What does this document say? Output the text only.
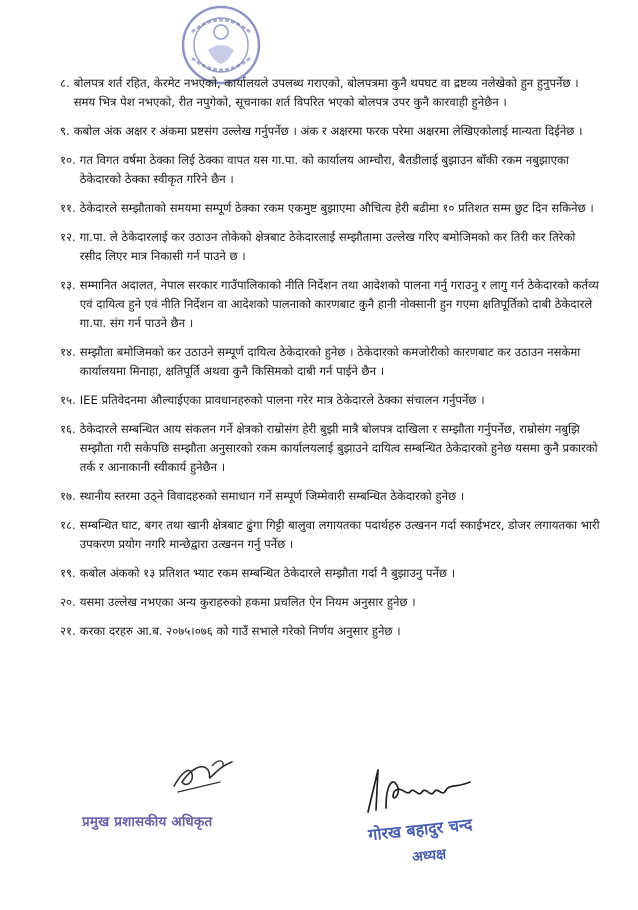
८. बोलपत्र शर्त रहित, केरमेट नभएको, कार्यालयले उपलब्ध गराएको, बोलपत्रमा कुनै थपघट वा द्रष्टव्य नलेखेको हुन हुनुपर्नेछ । समय भित्र पेश नभएको, रीत नपुगेको, सूचनाका शर्त विपरित भएको बोलपत्र उपर कुनै कारवाही हुनेछैन ।
९. कबोल अंक अक्षर र अंकमा प्रष्टसंग उल्लेख गर्नुपर्नेछ । अंक र अक्षरमा फरक परेमा अक्षरमा लेखिएकोलाई मान्यता दिईनेछ ।
१०. गत विगत वर्षमा ठेक्का लिई ठेक्का वापत यस गा.पा. को कार्यालय आम्चौरा, बैतडीलाई बुझाउन बाँकी रकम नबुझाएका ठेकेदारको ठेक्का स्वीकृत गरिने छैन ।
११. ठेकेदारले सम्झौताको समयमा सम्पूर्ण ठेक्का रकम एकमुष्ट बुझाएमा औचित्य हेरी बढीमा १० प्रतिशत सम्म छुट दिन सकिनेछ ।
१२. गा.पा. ले ठेकेदारलाई कर उठाउन तोकेको क्षेत्रबाट ठेकेदारलाई सम्झौतामा उल्लेख गरिए बमोजिमको कर तिरी कर तिरेको रसीद लिएर मात्र निकासी गर्न पाउने छ ।
१३. सम्मानित अदालत, नेपाल सरकार गाउँपालिकाको नीति निर्देशन तथा आदेशको पालना गर्नु गराउनु र लागु गर्न ठेकेदारको कर्तव्य एवं दायित्व हुने एवं नीति निर्देशन वा आदेशको पालनाको कारणबाट कुनै हानी नोक्सानी हुन गएमा क्षतिपूर्तिको दाबी ठेकेदारले गा.पा. संग गर्न पाउने छैन ।
१४. सम्झौता बमोजिमको कर उठाउने सम्पूर्ण दायित्व ठेकेदारको हुनेछ । ठेकेदारको कमजोरीको कारणबाट कर उठाउन नसकेमा कार्यालयमा मिनाहा, क्षतिपूर्ति अथवा कुनै किसिमको दाबी गर्न पाईने छैन ।
१५. IEE प्रतिवेदनमा औल्याईएका प्रावधानहरुको पालना गरेर मात्र ठेकेदारले ठेक्का संचालन गर्नुपर्नेछ ।
१६. ठेकेदारले सम्बन्धित आय संकलन गर्ने क्षेत्रको राम्रोसंग हेरी बुझी मात्रै बोलपत्र दाखिला र सम्झौता गर्नुपर्नेछ, राम्रोसंग नबुझि सम्झौता गरी सकेपछि सम्झौता अनुसारको रकम कार्यालयलाई बुझाउने दायित्व सम्बन्धित ठेकेदारको हुनेछ यसमा कुनै प्रकारको तर्क र आनाकानी स्वीकार्य हुनेछैन ।
१७. स्थानीय स्तरमा उठ्ने विवादहरुको समाधान गर्ने सम्पूर्ण जिम्मेवारी सम्बन्धित ठेकेदारको हुनेछ ।
१८. सम्बन्धित घाट, बगर तथा खानी क्षेत्रबाट ढुंगा गिट्टी बालुवा लगायतका पदार्थहरु उत्खनन गर्दा स्काईभटर, डोजर लगायतका भारी उपकरण प्रयोग नगरि मान्छेद्वारा उत्खनन गर्नु पर्नेछ ।
१९. कबोल अंकको १३ प्रतिशत भ्याट रकम सम्बन्धित ठेकेदारले सम्झौता गर्दा नै बुझाउनु पर्नेछ ।
२०. यसमा उल्लेख नभएका अन्य कुराहरुको हकमा प्रचलित ऐन नियम अनुसार हुनेछ ।
२१. करका दरहरु आ.ब. २०७५।०७६ को गाउँ सभाले गरेको निर्णय अनुसार हुनेछ ।
प्रमुख प्रशासकीय अधिकृत	गोरख बहादुर चन्द
अध्यक्ष
